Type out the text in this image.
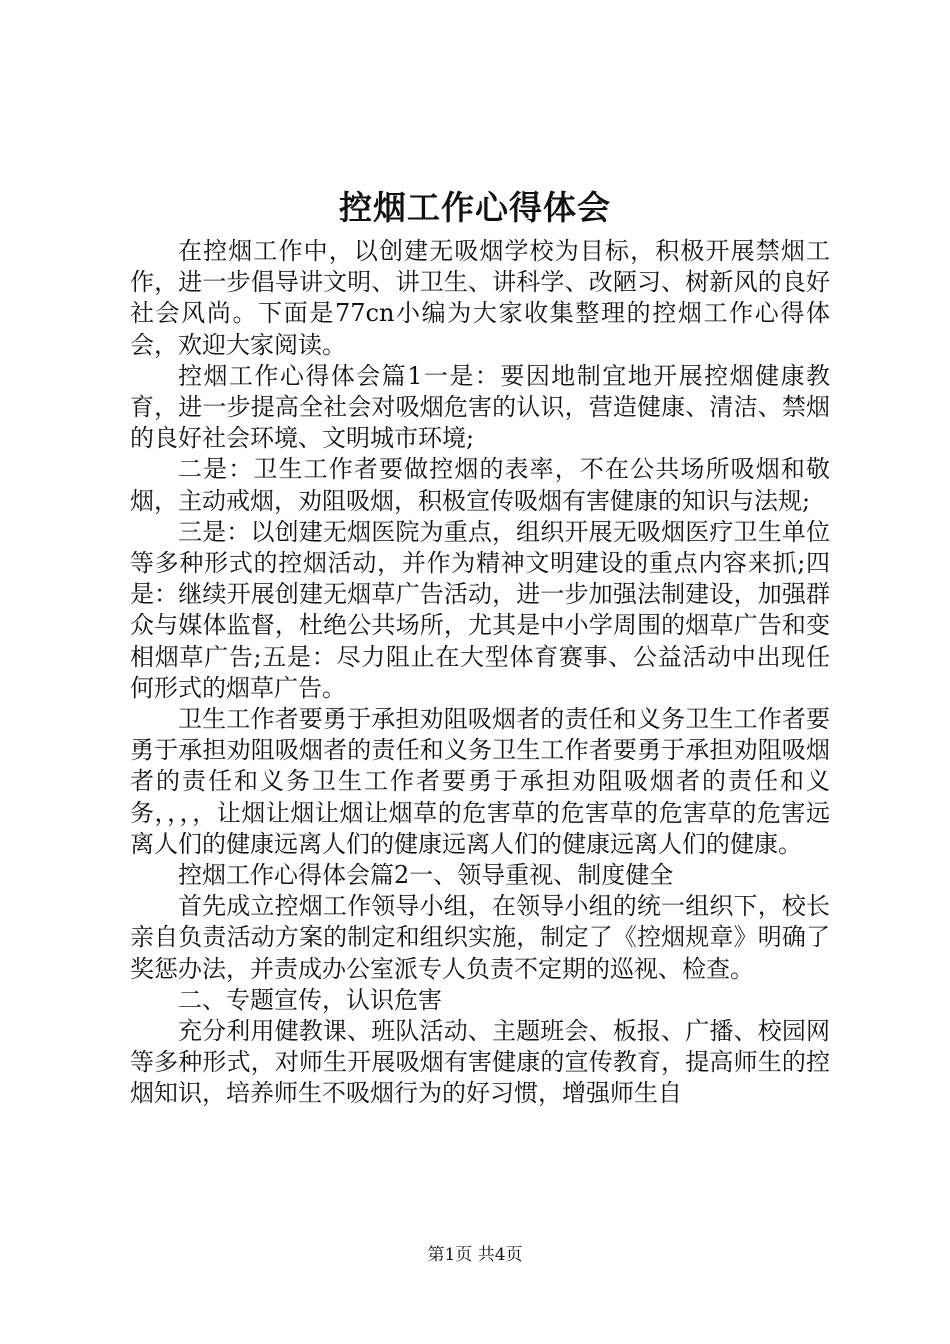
控烟工作心得体会

在控烟工作中，以创建无吸烟学校为目标，积极开展禁烟工作，进一步倡导讲文明、讲卫生、讲科学、改陋习、树新风的良好社会风尚。下面是77cn小编为大家收集整理的控烟工作心得体会，欢迎大家阅读。

控烟工作心得体会篇1一是：要因地制宜地开展控烟健康教育，进一步提高全社会对吸烟危害的认识，营造健康、清洁、禁烟的良好社会环境、文明城市环境;

二是：卫生工作者要做控烟的表率，不在公共场所吸烟和敬烟，主动戒烟，劝阻吸烟，积极宣传吸烟有害健康的知识与法规;

三是：以创建无烟医院为重点，组织开展无吸烟医疗卫生单位等多种形式的控烟活动，并作为精神文明建设的重点内容来抓;四是：继续开展创建无烟草广告活动，进一步加强法制建设，加强群众与媒体监督，杜绝公共场所，尤其是中小学周围的烟草广告和变相烟草广告;五是：尽力阻止在大型体育赛事、公益活动中出现任何形式的烟草广告。

卫生工作者要勇于承担劝阻吸烟者的责任和义务卫生工作者要勇于承担劝阻吸烟者的责任和义务卫生工作者要勇于承担劝阻吸烟者的责任和义务卫生工作者要勇于承担劝阻吸烟者的责任和义务，，，，让烟让烟让烟让烟草的危害草的危害草的危害草的危害远离人们的健康远离人们的健康远离人们的健康远离人们的健康。

控烟工作心得体会篇2一、领导重视、制度健全

首先成立控烟工作领导小组，在领导小组的统一组织下，校长亲自负责活动方案的制定和组织实施，制定了《控烟规章》明确了奖惩办法，并责成办公室派专人负责不定期的巡视、检查。

二、专题宣传，认识危害

充分利用健教课、班队活动、主题班会、板报、广播、校园网等多种形式，对师生开展吸烟有害健康的宣传教育，提高师生的控烟知识，培养师生不吸烟行为的好习惯，增强师生自

第1页 共4页
